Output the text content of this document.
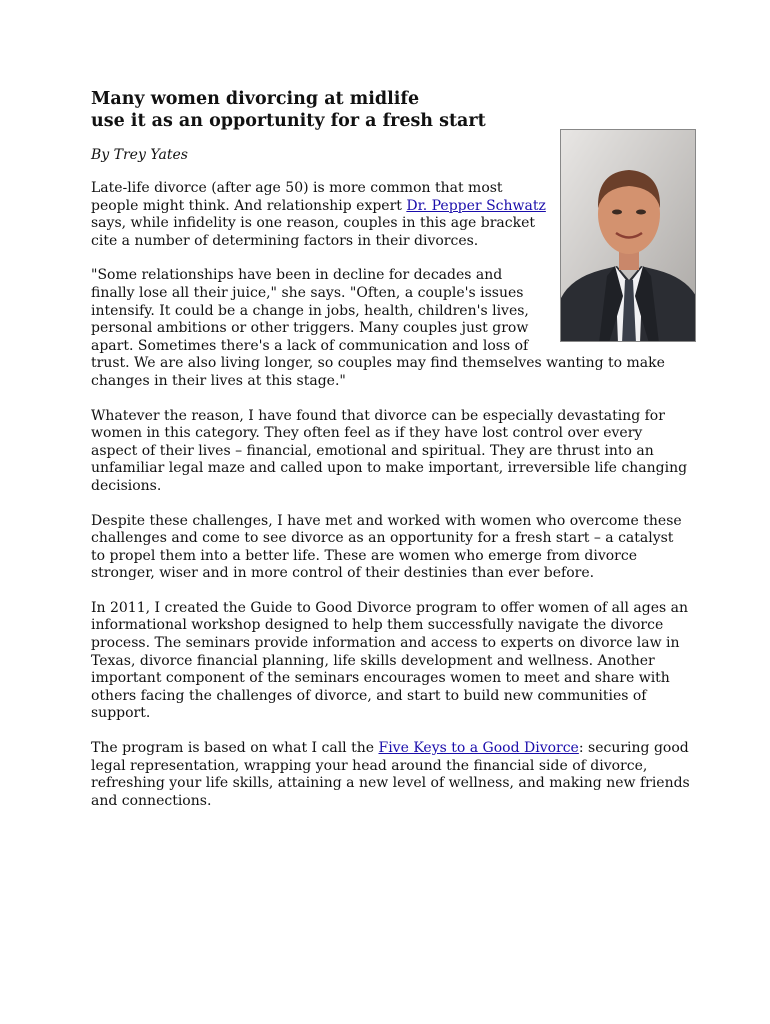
Many women divorcing at midlife
use it as an opportunity for a fresh start
By Trey Yates

Late-life divorce (after age 50) is more common that most people might think. And relationship expert Dr. Pepper Schwatz says, while infidelity is one reason, couples in this age bracket cite a number of determining factors in their divorces.

"Some relationships have been in decline for decades and finally lose all their juice," she says. "Often, a couple's issues intensify. It could be a change in jobs, health, children's lives, personal ambitions or other triggers. Many couples just grow apart. Sometimes there's a lack of communication and loss of trust. We are also living longer, so couples may find themselves wanting to make changes in their lives at this stage."

Whatever the reason, I have found that divorce can be especially devastating for women in this category. They often feel as if they have lost control over every aspect of their lives – financial, emotional and spiritual. They are thrust into an unfamiliar legal maze and called upon to make important, irreversible life changing decisions.

Despite these challenges, I have met and worked with women who overcome these challenges and come to see divorce as an opportunity for a fresh start – a catalyst to propel them into a better life. These are women who emerge from divorce stronger, wiser and in more control of their destinies than ever before.

In 2011, I created the Guide to Good Divorce program to offer women of all ages an informational workshop designed to help them successfully navigate the divorce process. The seminars provide information and access to experts on divorce law in Texas, divorce financial planning, life skills development and wellness. Another important component of the seminars encourages women to meet and share with others facing the challenges of divorce, and start to build new communities of support.

The program is based on what I call the Five Keys to a Good Divorce: securing good legal representation, wrapping your head around the financial side of divorce, refreshing your life skills, attaining a new level of wellness, and making new friends and connections.
